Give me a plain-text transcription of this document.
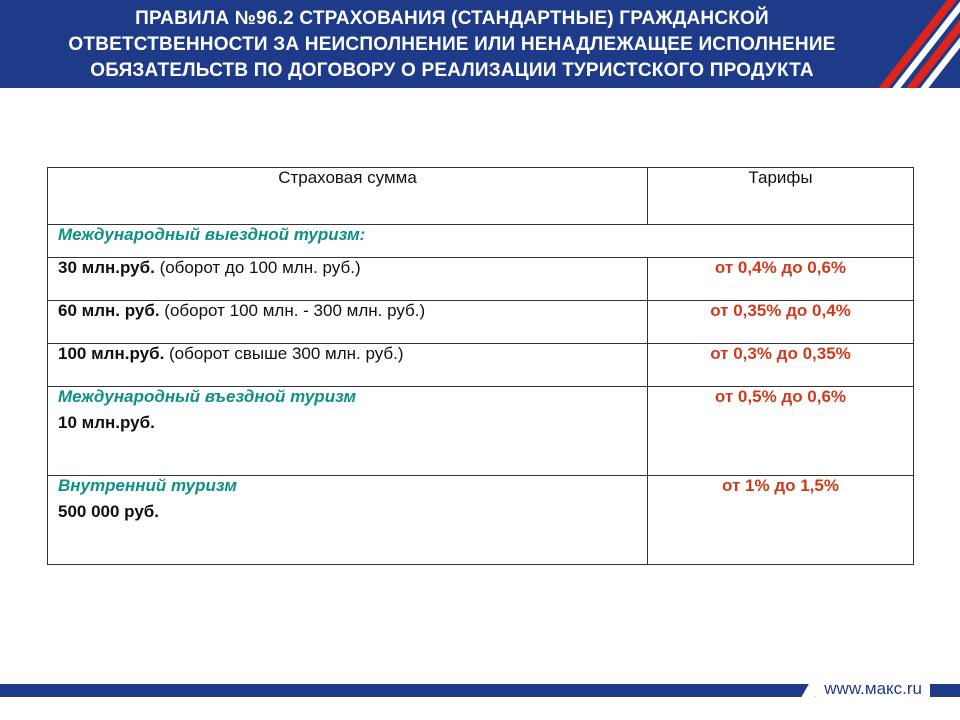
ПРАВИЛА №96.2 СТРАХОВАНИЯ (СТАНДАРТНЫЕ) ГРАЖДАНСКОЙ
ОТВЕТСТВЕННОСТИ ЗА НЕИСПОЛНЕНИЕ ИЛИ НЕНАДЛЕЖАЩЕЕ ИСПОЛНЕНИЕ
ОБЯЗАТЕЛЬСТВ ПО ДОГОВОРУ О РЕАЛИЗАЦИИ ТУРИСТСКОГО ПРОДУКТА
Страховая сумма	Тарифы
Международный выездной туризм:	
30 млн.руб. (оборот до 100 млн. руб.)	от 0,4% до 0,6%
60 млн. руб. (оборот 100 млн. - 300 млн. руб.)	от 0,35% до 0,4%
100 млн.руб. (оборот свыше 300 млн. руб.)	от 0,3% до 0,35%
Международный въездной туризм
10 млн.руб.	от 0,5% до 0,6%
Внутренний туризм
500 000 руб.	от 1% до 1,5%
www.макс.ru
